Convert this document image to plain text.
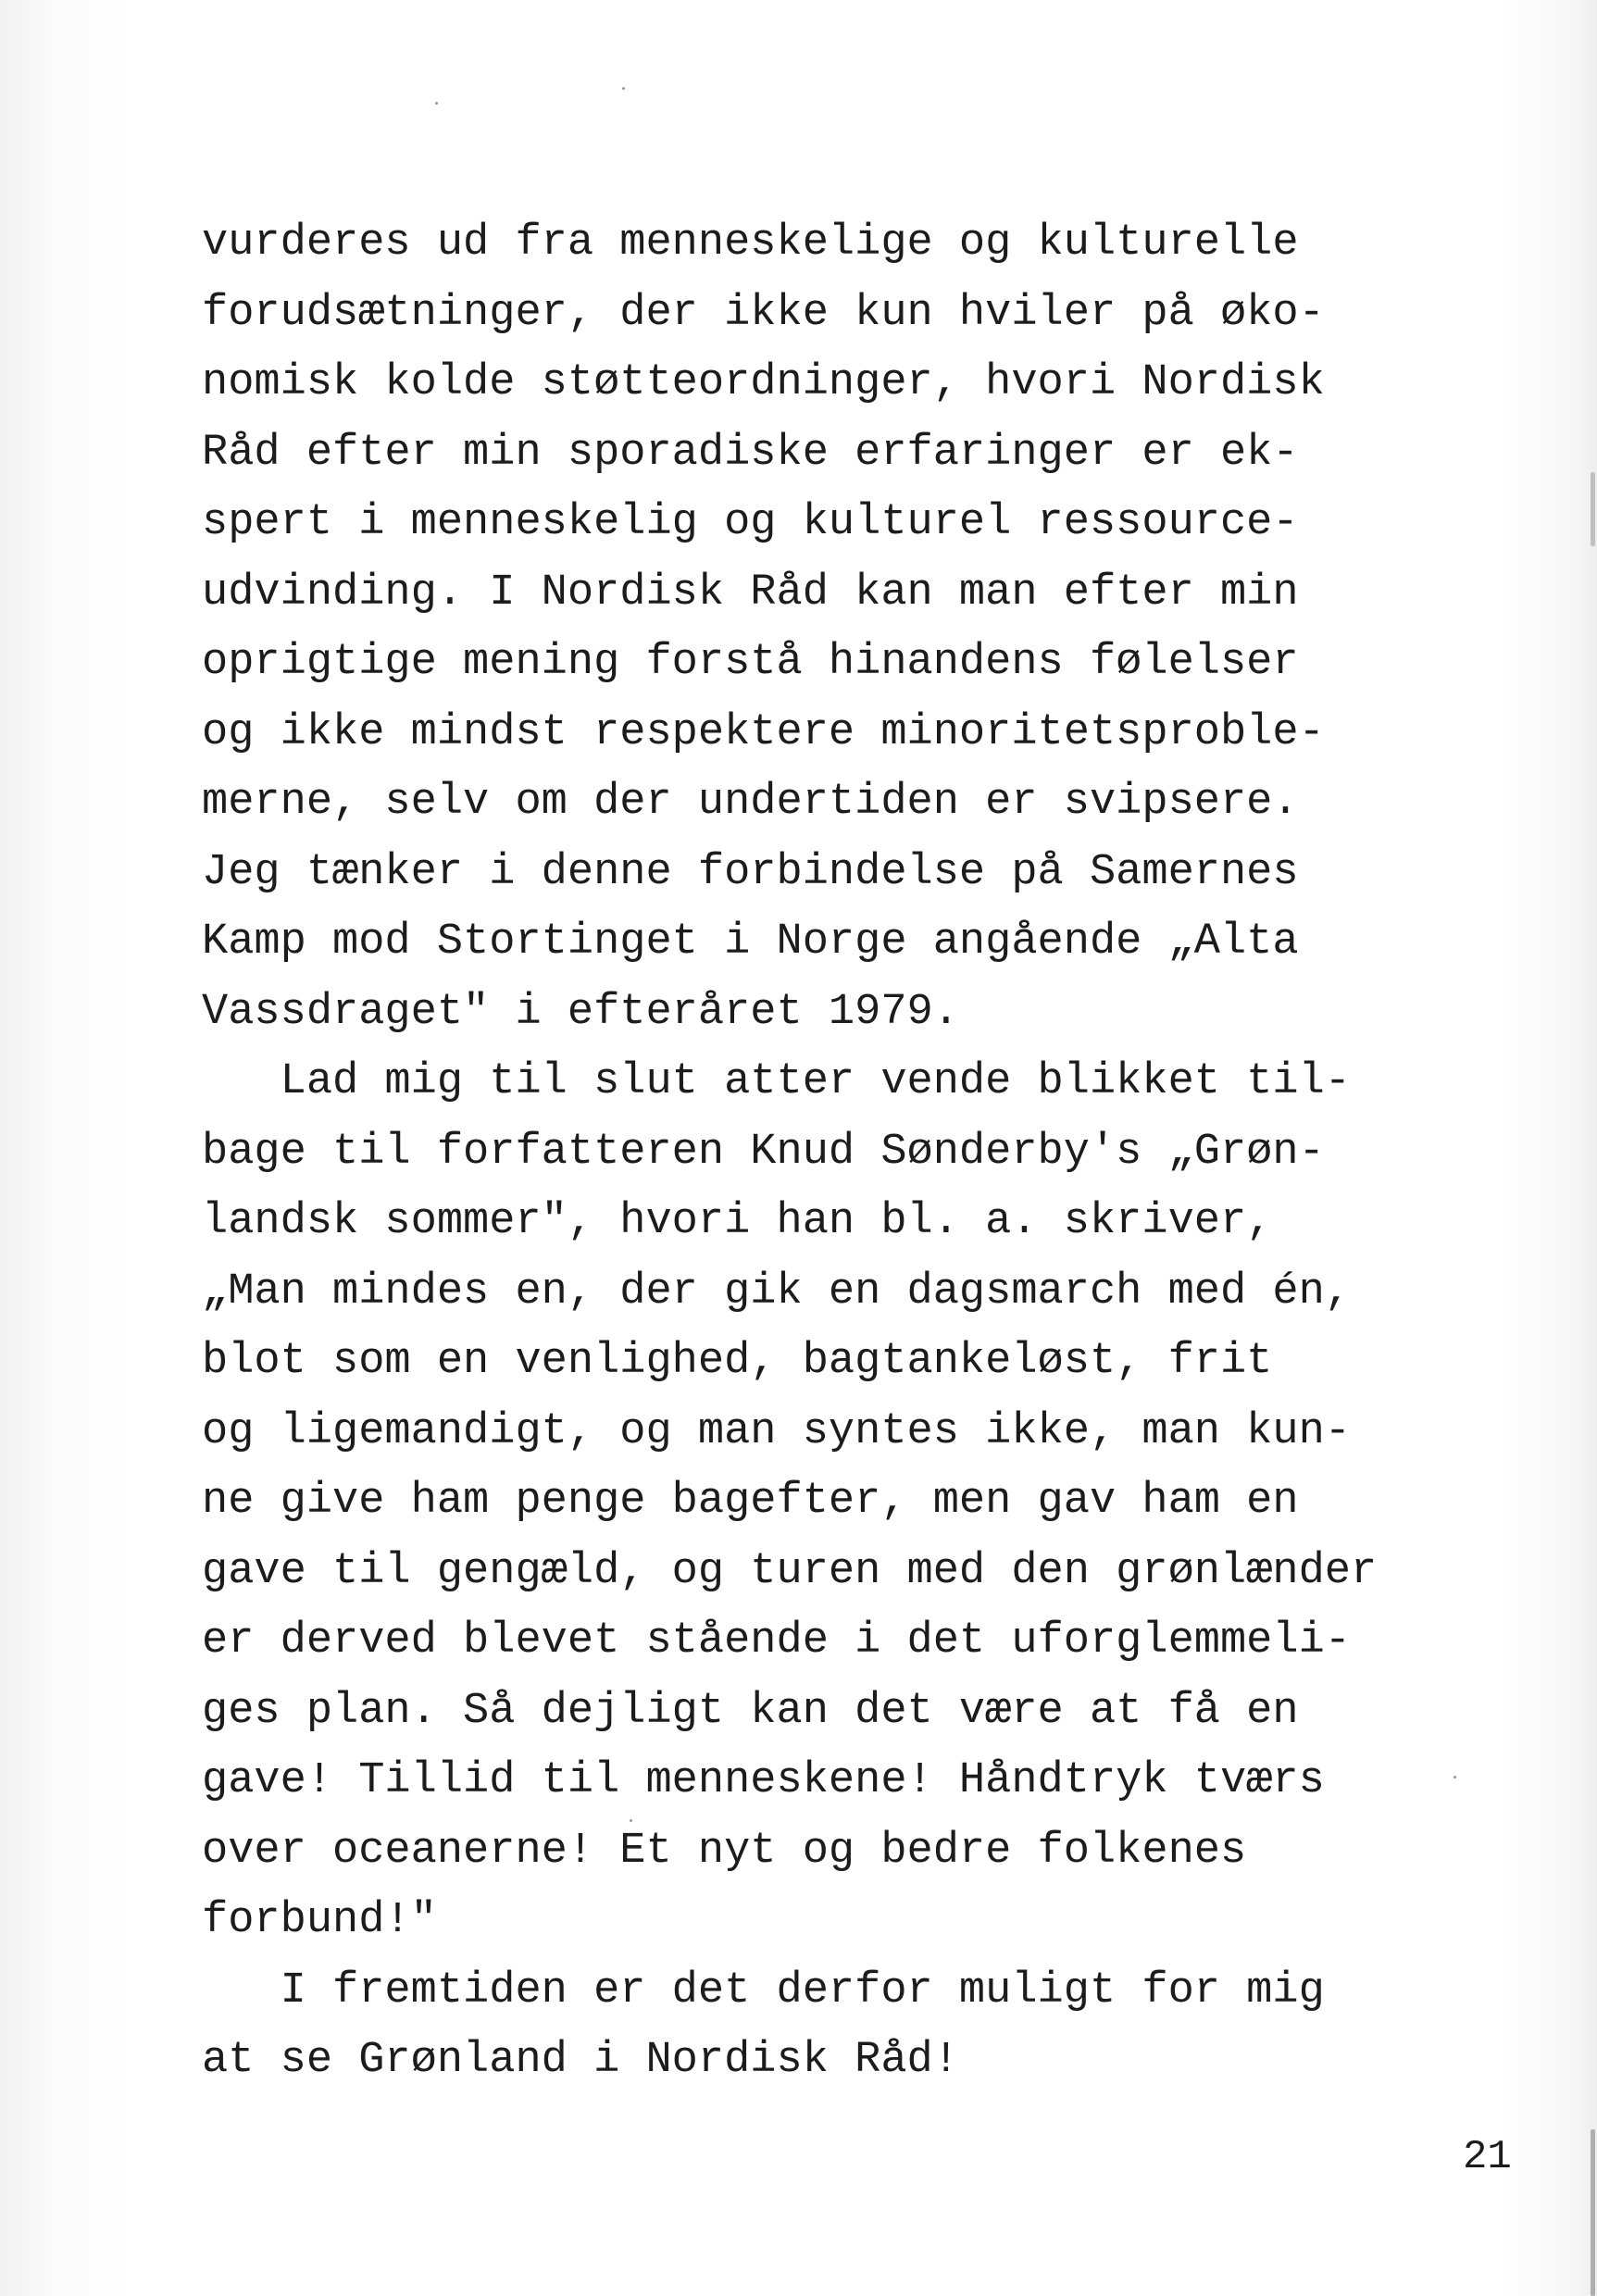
vurderes ud fra menneskelige og kulturelle
forudsætninger, der ikke kun hviler på øko-
nomisk kolde støtteordninger, hvori Nordisk
Råd efter min sporadiske erfaringer er ek-
spert i menneskelig og kulturel ressource-
udvinding. I Nordisk Råd kan man efter min
oprigtige mening forstå hinandens følelser
og ikke mindst respektere minoritetsproble-
merne, selv om der undertiden er svipsere.
Jeg tænker i denne forbindelse på Samernes
Kamp mod Stortinget i Norge angående „Alta
Vassdraget" i efteråret 1979.
Lad mig til slut atter vende blikket til-
bage til forfatteren Knud Sønderby's „Grøn-
landsk sommer", hvori han bl. a. skriver,
„Man mindes en, der gik en dagsmarch med én,
blot som en venlighed, bagtankeløst, frit
og ligemandigt, og man syntes ikke, man kun-
ne give ham penge bagefter, men gav ham en
gave til gengæld, og turen med den grønlænder
er derved blevet stående i det uforglemmeli-
ges plan. Så dejligt kan det være at få en
gave! Tillid til menneskene! Håndtryk tværs
over oceanerne! Et nyt og bedre folkenes
forbund!"
I fremtiden er det derfor muligt for mig
at se Grønland i Nordisk Råd!
21
